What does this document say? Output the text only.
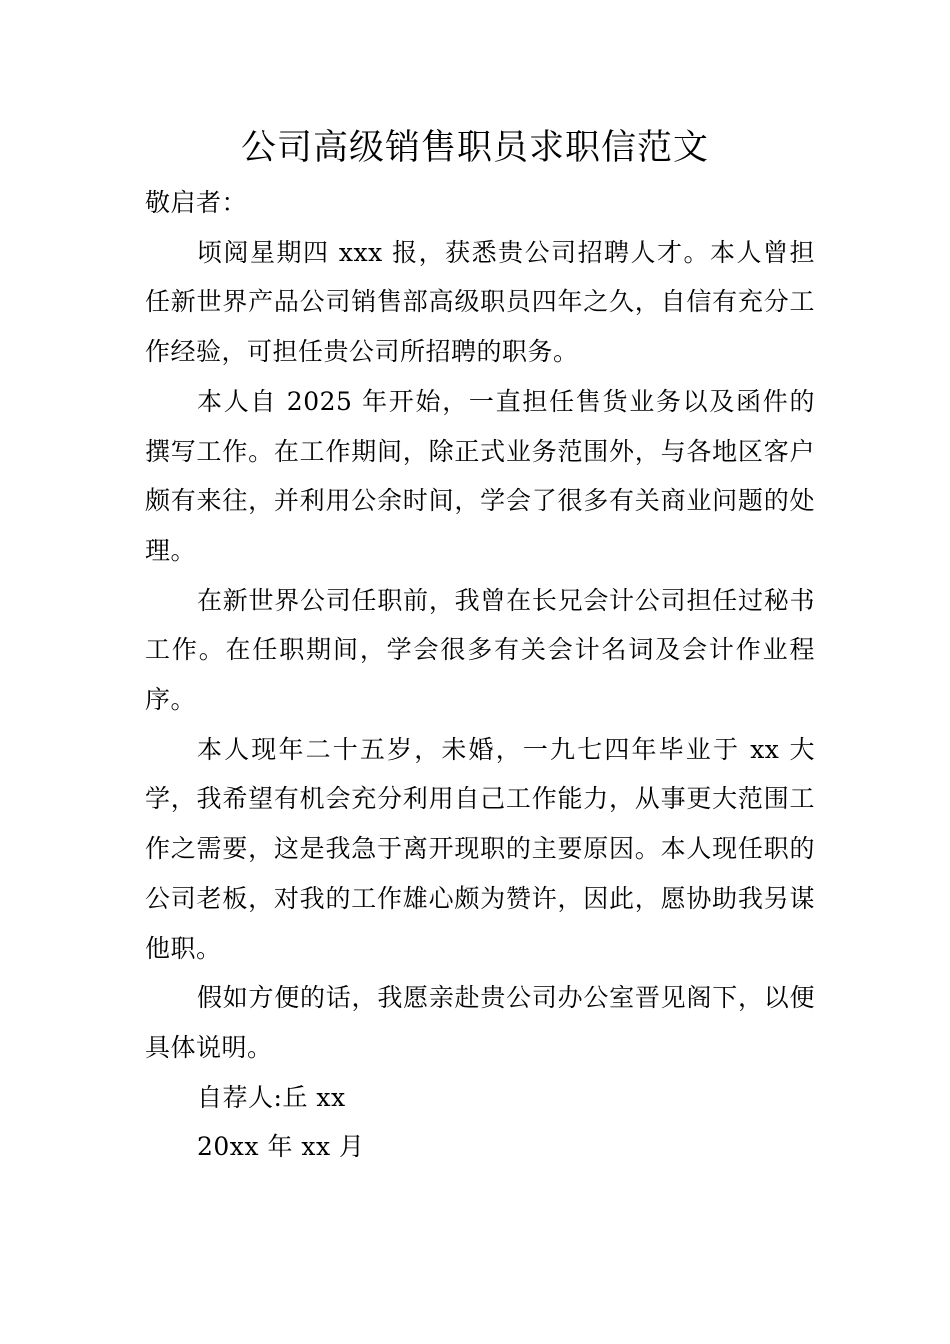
公司高级销售职员求职信范文

敬启者：

顷阅星期四 xxx 报，获悉贵公司招聘人才。本人曾担任新世界产品公司销售部高级职员四年之久，自信有充分工作经验，可担任贵公司所招聘的职务。

本人自 2025 年开始，一直担任售货业务以及函件的撰写工作。在工作期间，除正式业务范围外，与各地区客户颇有来往，并利用公余时间，学会了很多有关商业问题的处理。

在新世界公司任职前，我曾在长兄会计公司担任过秘书工作。在任职期间，学会很多有关会计名词及会计作业程序。

本人现年二十五岁，未婚，一九七四年毕业于 xx 大学，我希望有机会充分利用自己工作能力，从事更大范围工作之需要，这是我急于离开现职的主要原因。本人现任职的公司老板，对我的工作雄心颇为赞许，因此，愿协助我另谋他职。

假如方便的话，我愿亲赴贵公司办公室晋见阁下，以便具体说明。

自荐人:丘 xx

20xx 年 xx 月
